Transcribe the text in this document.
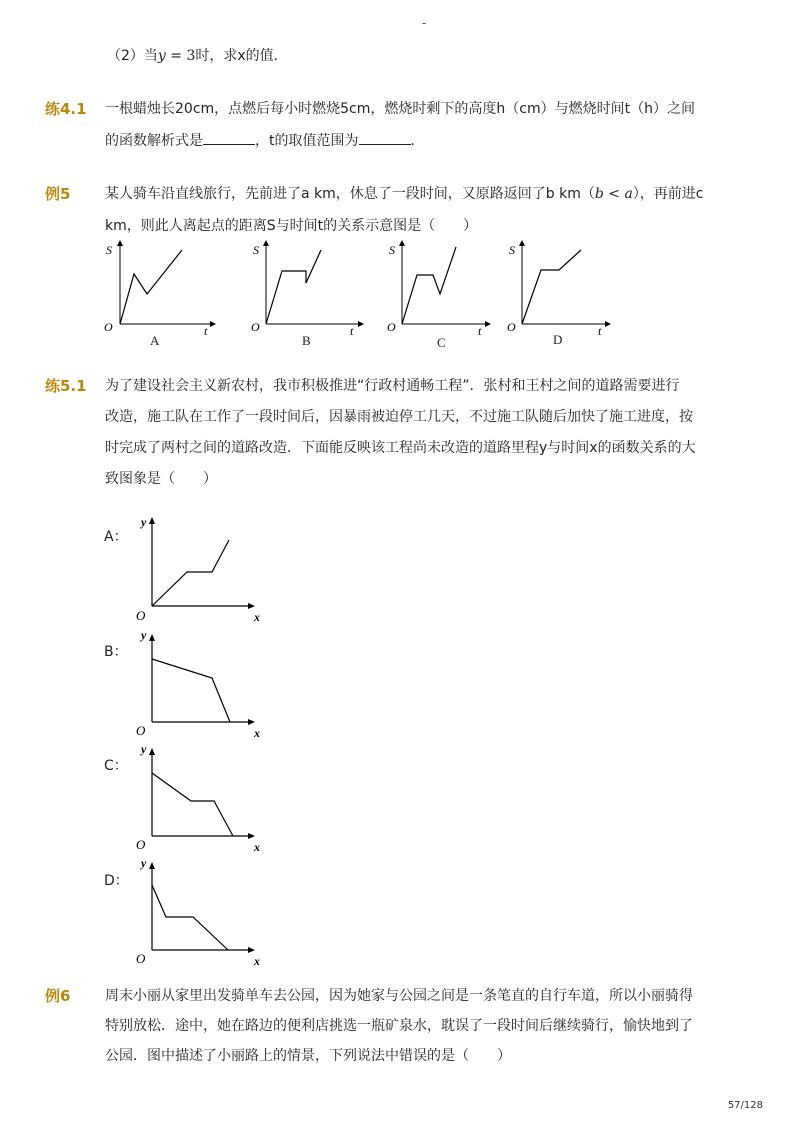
-
（2）当y = 3时，求x的值．
练4.1 一根蜡烛长20cm，点燃后每小时燃烧5cm，燃烧时剩下的高度h（cm）与燃烧时间t（h）之间
的函数解析式是	，t的取值范围为	．
例5 某人骑车沿直线旅行，先前进了a km，休息了一段时间，又原路返回了b km（b < a），再前进c
km，则此人离起点的距离S与时间t的关系示意图是（　　）
S
O	t
A
S
O	t
B
S
O	t
C
S
O	t
D
练5.1 为了建设社会主义新农村，我市积极推进“行政村通畅工程”．张村和王村之间的道路需要进行
改造，施工队在工作了一段时间后，因暴雨被迫停工几天，不过施工队随后加快了施工进度，按
时完成了两村之间的道路改造．下面能反映该工程尚未改造的道路里程y与时间x的函数关系的大
致图象是（　　）
A：
y
O	x
B：
y
O	x
C：
y
O	x
D：
y
O	x
例6 周末小丽从家里出发骑单车去公园，因为她家与公园之间是一条笔直的自行车道，所以小丽骑得
特别放松．途中，她在路边的便利店挑选一瓶矿泉水，耽误了一段时间后继续骑行，愉快地到了
公园．图中描述了小丽路上的情景，下列说法中错误的是（　　）
57/128
